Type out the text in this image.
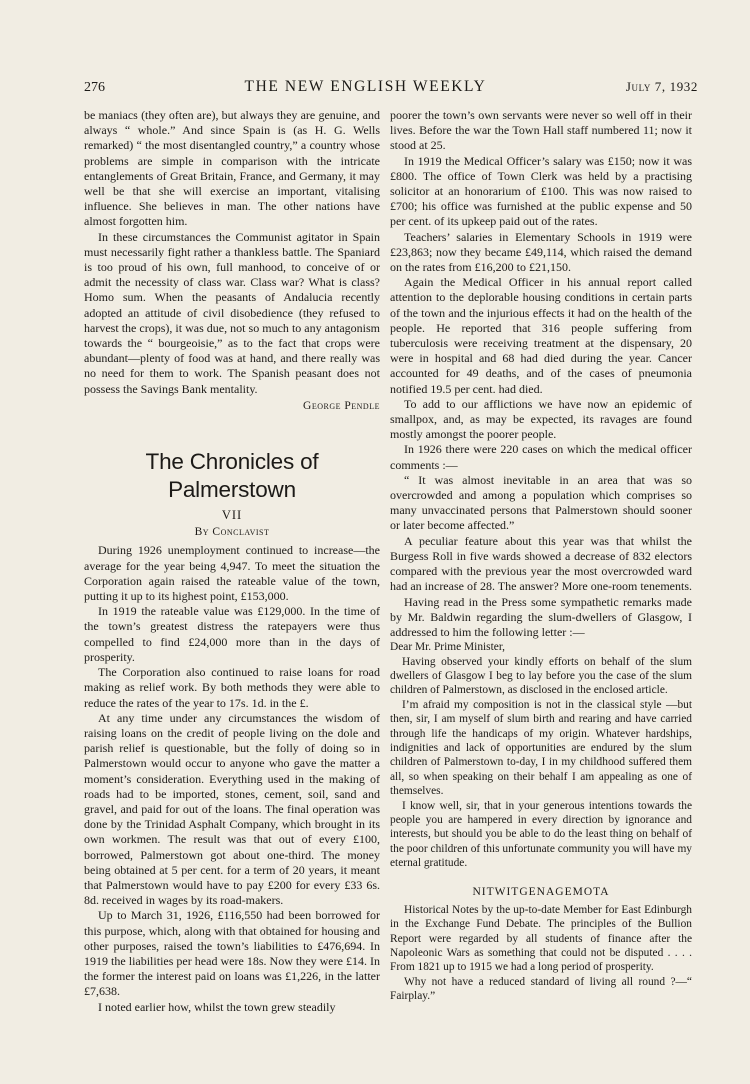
276	THE NEW ENGLISH WEEKLY	July 7, 1932

be maniacs (they often are), but always they are genuine, and always “ whole.” And since Spain is (as H. G. Wells remarked) “ the most disentangled country,” a country whose problems are simple in comparison with the intricate entanglements of Great Britain, France, and Germany, it may well be that she will exercise an important, vitalising influence. She believes in man. The other nations have almost forgotten him.

In these circumstances the Communist agitator in Spain must necessarily fight rather a thankless battle. The Spaniard is too proud of his own, full manhood, to conceive of or admit the necessity of class war. Class war? What is class? Homo sum. When the peasants of Andalucia recently adopted an attitude of civil disobedience (they refused to harvest the crops), it was due, not so much to any antagonism towards the “ bourgeoisie,” as to the fact that crops were abundant—plenty of food was at hand, and there really was no need for them to work. The Spanish peasant does not possess the Savings Bank mentality.

George Pendle
The Chronicles of Palmerstown
VII
By Conclavist

During 1926 unemployment continued to increase—the average for the year being 4,947. To meet the situation the Corporation again raised the rateable value of the town, putting it up to its highest point, £153,000.

In 1919 the rateable value was £129,000. In the time of the town’s greatest distress the ratepayers were thus compelled to find £24,000 more than in the days of prosperity.

The Corporation also continued to raise loans for road making as relief work. By both methods they were able to reduce the rates of the year to 17s. 1d. in the £.

At any time under any circumstances the wisdom of raising loans on the credit of people living on the dole and parish relief is questionable, but the folly of doing so in Palmerstown would occur to anyone who gave the matter a moment’s consideration. Everything used in the making of roads had to be imported, stones, cement, soil, sand and gravel, and paid for out of the loans. The final operation was done by the Trinidad Asphalt Company, which brought in its own workmen. The result was that out of every £100, borrowed, Palmerstown got about one-third. The money being obtained at 5 per cent. for a term of 20 years, it meant that Palmerstown would have to pay £200 for every £33 6s. 8d. received in wages by its road-makers.

Up to March 31, 1926, £116,550 had been borrowed for this purpose, which, along with that obtained for housing and other purposes, raised the town’s liabilities to £476,694. In 1919 the liabilities per head were 18s. Now they were £14. In the former the interest paid on loans was £1,226, in the latter £7,638.

I noted earlier how, whilst the town grew steadily

poorer the town’s own servants were never so well off in their lives. Before the war the Town Hall staff numbered 11; now it stood at 25.

In 1919 the Medical Officer’s salary was £150; now it was £800. The office of Town Clerk was held by a practising solicitor at an honorarium of £100. This was now raised to £700; his office was furnished at the public expense and 50 per cent. of its upkeep paid out of the rates.

Teachers’ salaries in Elementary Schools in 1919 were £23,863; now they became £49,114, which raised the demand on the rates from £16,200 to £21,150.

Again the Medical Officer in his annual report called attention to the deplorable housing conditions in certain parts of the town and the injurious effects it had on the health of the people. He reported that 316 people suffering from tuberculosis were receiving treatment at the dispensary, 20 were in hospital and 68 had died during the year. Cancer accounted for 49 deaths, and of the cases of pneumonia notified 19.5 per cent. had died.

To add to our afflictions we have now an epidemic of smallpox, and, as may be expected, its ravages are found mostly amongst the poorer people.

In 1926 there were 220 cases on which the medical officer comments :—

“ It was almost inevitable in an area that was so overcrowded and among a population which comprises so many unvaccinated persons that Palmerstown should sooner or later become affected.”

A peculiar feature about this year was that whilst the Burgess Roll in five wards showed a decrease of 832 electors compared with the previous year the most overcrowded ward had an increase of 28. The answer? More one-room tenements.

Having read in the Press some sympathetic remarks made by Mr. Baldwin regarding the slum-dwellers of Glasgow, I addressed to him the following letter :—

Dear Mr. Prime Minister,

Having observed your kindly efforts on behalf of the slum dwellers of Glasgow I beg to lay before you the case of the slum children of Palmerstown, as disclosed in the enclosed article.

I’m afraid my composition is not in the classical style —but then, sir, I am myself of slum birth and rearing and have carried through life the handicaps of my origin. Whatever hardships, indignities and lack of opportunities are endured by the slum children of Palmerstown to-day, I in my childhood suffered them all, so when speaking on their behalf I am appealing as one of themselves.

I know well, sir, that in your generous intentions towards the people you are hampered in every direction by ignorance and interests, but should you be able to do the least thing on behalf of the poor children of this unfortunate community you will have my eternal gratitude.

NITWITGENAGEMOTA

Historical Notes by the up-to-date Member for East Edinburgh in the Exchange Fund Debate. The principles of the Bullion Report were regarded by all students of finance after the Napoleonic Wars as something that could not be disputed . . . . From 1821 up to 1915 we had a long period of prosperity.

Why not have a reduced standard of living all round ?—“ Fairplay.”
